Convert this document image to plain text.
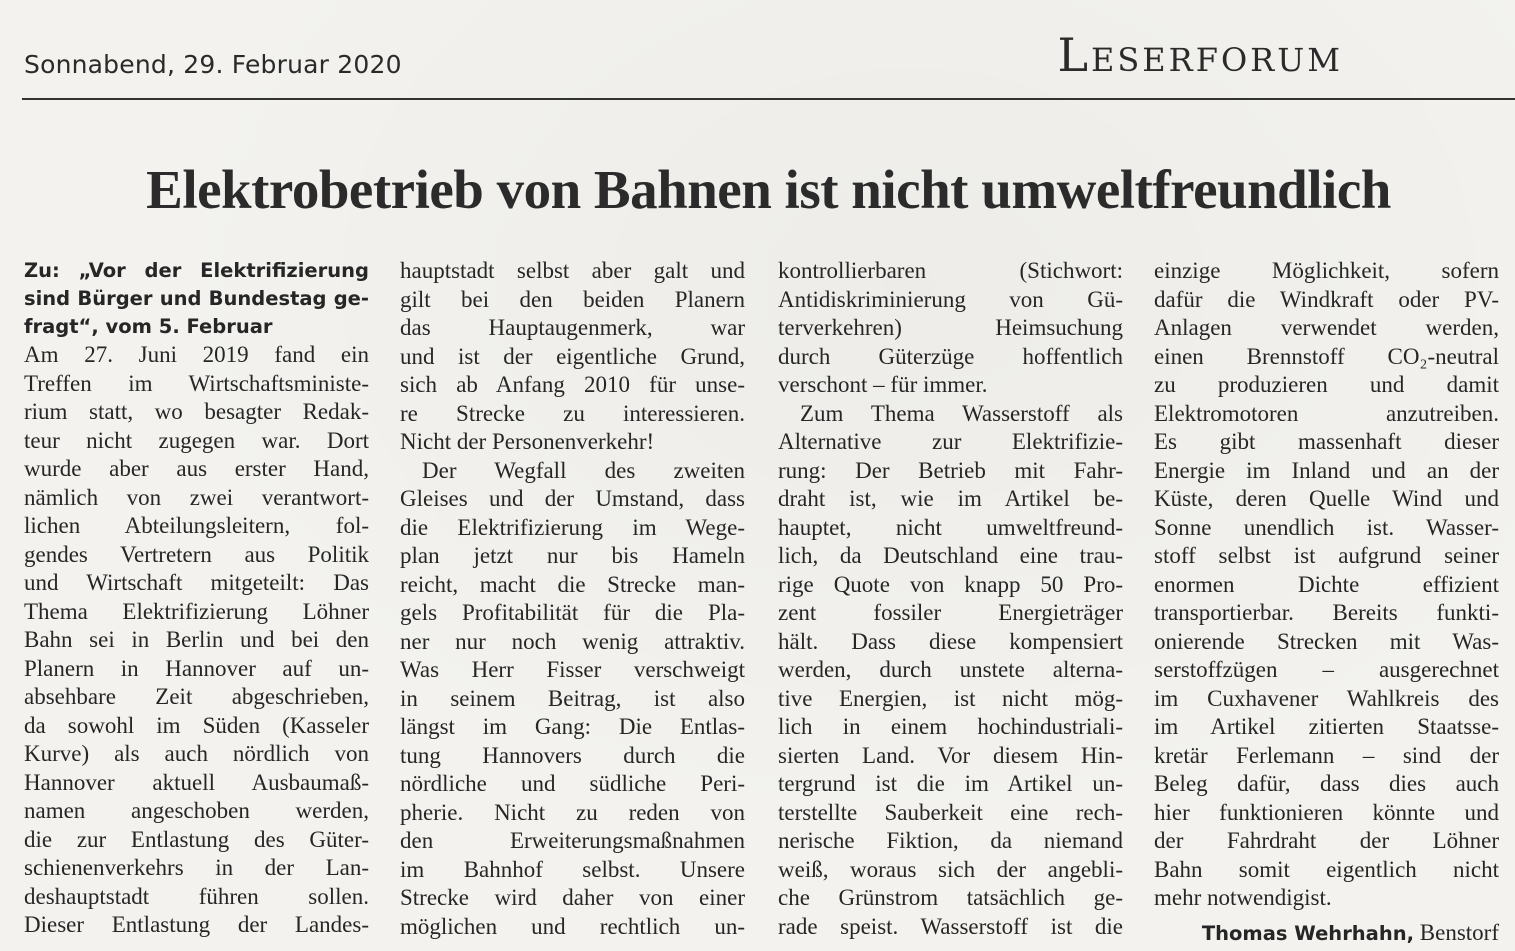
Sonnabend, 29. Februar 2020	Leserforum
Elektrobetrieb von Bahnen ist nicht umweltfreundlich
Zu: „Vor der Elektrifizierung
sind Bürger und Bundestag ge-
fragt“, vom 5. Februar
Am 27. Juni 2019 fand ein
Treffen im Wirtschaftsministe-
rium statt, wo besagter Redak-
teur nicht zugegen war. Dort
wurde aber aus erster Hand,
nämlich von zwei verantwort-
lichen Abteilungsleitern, fol-
gendes Vertretern aus Politik
und Wirtschaft mitgeteilt: Das
Thema Elektrifizierung Löhner
Bahn sei in Berlin und bei den
Planern in Hannover auf un-
absehbare Zeit abgeschrieben,
da sowohl im Süden (Kasseler
Kurve) als auch nördlich von
Hannover aktuell Ausbaumaß-
namen angeschoben werden,
die zur Entlastung des Güter-
schienenverkehrs in der Lan-
deshauptstadt führen sollen.
Dieser Entlastung der Landes-
hauptstadt selbst aber galt und
gilt bei den beiden Planern
das Hauptaugenmerk, war
und ist der eigentliche Grund,
sich ab Anfang 2010 für unse-
re Strecke zu interessieren.
Nicht der Personenverkehr!
Der Wegfall des zweiten
Gleises und der Umstand, dass
die Elektrifizierung im Wege-
plan jetzt nur bis Hameln
reicht, macht die Strecke man-
gels Profitabilität für die Pla-
ner nur noch wenig attraktiv.
Was Herr Fisser verschweigt
in seinem Beitrag, ist also
längst im Gang: Die Entlas-
tung Hannovers durch die
nördliche und südliche Peri-
pherie. Nicht zu reden von
den Erweiterungsmaßnahmen
im Bahnhof selbst. Unsere
Strecke wird daher von einer
möglichen und rechtlich un-
kontrollierbaren (Stichwort:
Antidiskriminierung von Gü-
terverkehren) Heimsuchung
durch Güterzüge hoffentlich
verschont – für immer.
Zum Thema Wasserstoff als
Alternative zur Elektrifizie-
rung: Der Betrieb mit Fahr-
draht ist, wie im Artikel be-
hauptet, nicht umweltfreund-
lich, da Deutschland eine trau-
rige Quote von knapp 50 Pro-
zent fossiler Energieträger
hält. Dass diese kompensiert
werden, durch unstete alterna-
tive Energien, ist nicht mög-
lich in einem hochindustriali-
sierten Land. Vor diesem Hin-
tergrund ist die im Artikel un-
terstellte Sauberkeit eine rech-
nerische Fiktion, da niemand
weiß, woraus sich der angebli-
che Grünstrom tatsächlich ge-
rade speist. Wasserstoff ist die
einzige Möglichkeit, sofern
dafür die Windkraft oder PV-
Anlagen verwendet werden,
einen Brennstoff CO₂-neutral
zu produzieren und damit
Elektromotoren anzutreiben.
Es gibt massenhaft dieser
Energie im Inland und an der
Küste, deren Quelle Wind und
Sonne unendlich ist. Wasser-
stoff selbst ist aufgrund seiner
enormen Dichte effizient
transportierbar. Bereits funkti-
onierende Strecken mit Was-
serstoffzügen – ausgerechnet
im Cuxhavener Wahlkreis des
im Artikel zitierten Staatsse-
kretär Ferlemann – sind der
Beleg dafür, dass dies auch
hier funktionieren könnte und
der Fahrdraht der Löhner
Bahn somit eigentlich nicht
mehr notwendigist.
Thomas Wehrhahn, Benstorf
